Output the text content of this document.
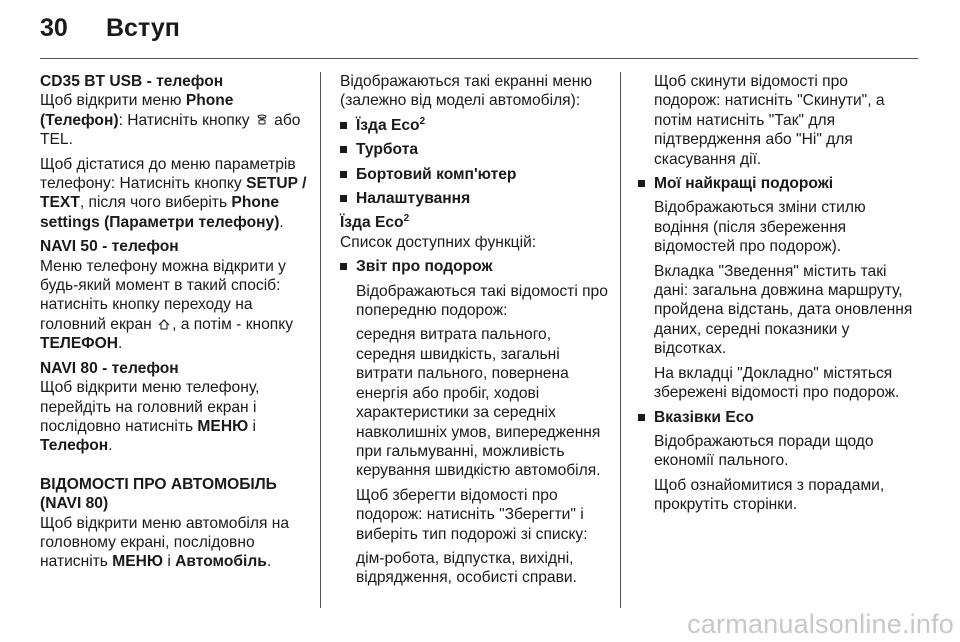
30 Вступ

CD35 BT USB - телефон

Щоб відкрити меню Phone (Телефон): Натисніть кнопку  або TEL.

Щоб дістатися до меню параметрів телефону: Натисніть кнопку SETUP / TEXT, після чого виберіть Phone settings (Параметри телефону).

NAVI 50 - телефон

Меню телефону можна відкрити у будь-який момент в такий спосіб: натисніть кнопку переходу на головний екран , а потім - кнопку ТЕЛЕФОН.

NAVI 80 - телефон

Щоб відкрити меню телефону, перейдіть на головний екран і послідовно натисніть МЕНЮ і Телефон.

ВІДОМОСТІ ПРО АВТОМОБІЛЬ (NAVI 80)

Щоб відкрити меню автомобіля на головному екрані, послідовно натисніть МЕНЮ і Автомобіль.

Відображаються такі екранні меню (залежно від моделі автомобіля):

Їзда Eco$^2$

Турбота

Бортовий комп'ютер

Налаштування

Їзда Eco$^2$

Список доступних функцій:

Звіт про подорож

Відображаються такі відомості про попередню подорож:

середня витрата пального, середня швидкість, загальні витрати пального, повернена енергія або пробіг, ходові характеристики за середніх навколишніх умов, випередження при гальмуванні, можливість керування швидкістю автомобіля.

Щоб зберегти відомості про подорож: натисніть "Зберегти" і виберіть тип подорожі зі списку:

дім-робота, відпустка, вихідні, відрядження, особисті справи.

Щоб скинути відомості про подорож: натисніть "Скинути", а потім натисніть "Так" для підтвердження або "Ні" для скасування дії.

Мої найкращі подорожі

Відображаються зміни стилю водіння (після збереження відомостей про подорож).

Вкладка "Зведення" містить такі дані: загальна довжина маршруту, пройдена відстань, дата оновлення даних, середні показники у відсотках.

На вкладці "Докладно" містяться збережені відомості про подорож.

Вказівки Eco

Відображаються поради щодо економії пального.

Щоб ознайомитися з порадами, прокрутіть сторінки.

carmanualsonline.info
